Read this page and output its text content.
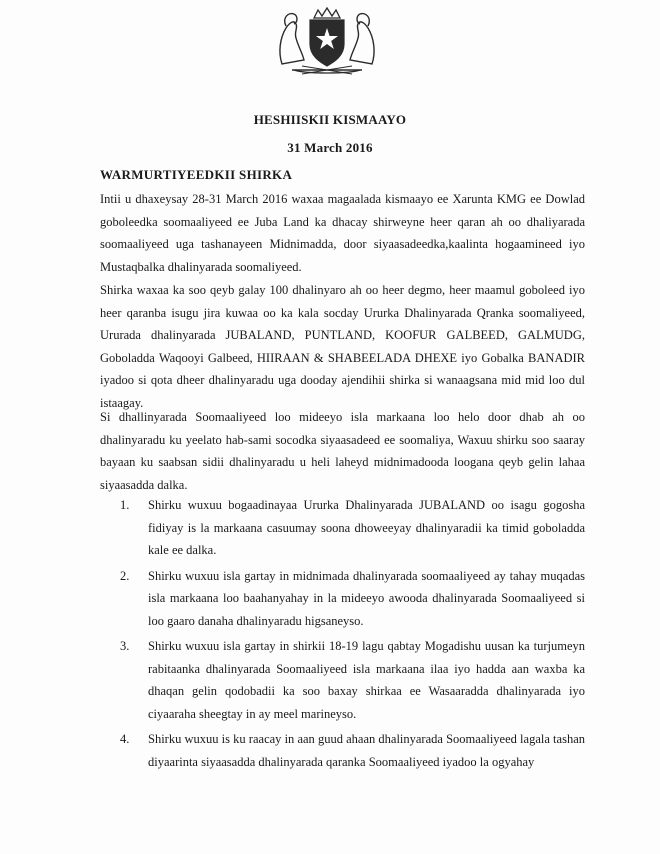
HESHIISKII KISMAAYO
31 March 2016
WARMURTIYEEDKII SHIRKA

Intii u dhaxeysay 28-31 March 2016 waxaa magaalada kismaayo ee Xarunta KMG ee Dowlad goboleedka soomaaliyeed ee Juba Land ka dhacay shirweyne heer qaran ah oo dhaliyarada soomaaliyeed uga tashanayeen Midnimadda, door siyaasadeedka,kaalinta hogaamineed iyo Mustaqbalka dhalinyarada soomaliyeed.

Shirka waxaa ka soo qeyb galay 100 dhalinyaro ah oo heer degmo, heer maamul goboleed iyo heer qaranba isugu jira kuwaa oo ka kala socday Ururka Dhalinyarada Qranka soomaliyeed, Ururada dhalinyarada JUBALAND, PUNTLAND, KOOFUR GALBEED, GALMUDG, Goboladda Waqooyi Galbeed, HIIRAAN & SHABEELADA DHEXE iyo Gobalka BANADIR iyadoo si qota dheer dhalinyaradu uga dooday ajendihii shirka si wanaagsana mid mid loo dul istaagay.

Si dhallinyarada Soomaaliyeed loo mideeyo isla markaana loo helo door dhab ah oo dhalinyaradu ku yeelato hab-sami socodka siyaasadeed ee soomaliya, Waxuu shirku soo saaray bayaan ku saabsan sidii dhalinyaradu u heli laheyd midnimadooda loogana qeyb gelin lahaa siyaasadda dalka.

1. Shirku wuxuu bogaadinayaa Ururka Dhalinyarada JUBALAND oo isagu gogosha fidiyay is la markaana casuumay soona dhoweeyay dhalinyaradii ka timid goboladda kale ee dalka.
2. Shirku wuxuu isla gartay in midnimada dhalinyarada soomaaliyeed ay tahay muqadas isla markaana loo baahanyahay in la mideeyo awooda dhalinyarada Soomaaliyeed si loo gaaro danaha dhalinyaradu higsaneyso.
3. Shirku wuxuu isla gartay in shirkii 18-19 lagu qabtay Mogadishu uusan ka turjumeyn rabitaanka dhalinyarada Soomaaliyeed isla markaana ilaa iyo hadda aan waxba ka dhaqan gelin qodobadii ka soo baxay shirkaa ee Wasaaradda dhalinyarada iyo ciyaaraha sheegtay in ay meel marineyso.
4. Shirku wuxuu is ku raacay in aan guud ahaan dhalinyarada Soomaaliyeed lagala tashan diyaarinta siyaasadda dhalinyarada qaranka Soomaaliyeed iyadoo la ogyahay
